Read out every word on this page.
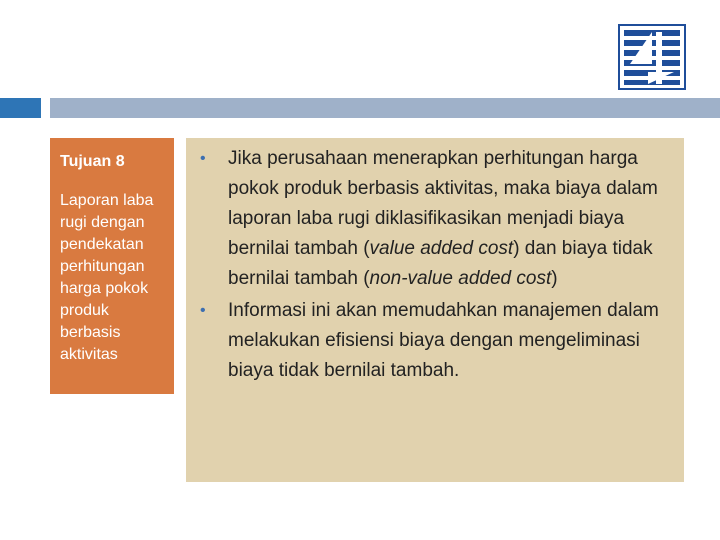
Tujuan 8

Laporan laba rugi dengan pendekatan perhitungan harga pokok produk berbasis aktivitas

• Jika perusahaan menerapkan perhitungan harga pokok produk berbasis aktivitas, maka biaya dalam laporan laba rugi diklasifikasikan menjadi biaya bernilai tambah (value added cost) dan biaya tidak bernilai tambah (non-value added cost)
• Informasi ini akan memudahkan manajemen dalam melakukan efisiensi biaya dengan mengeliminasi biaya tidak bernilai tambah.
